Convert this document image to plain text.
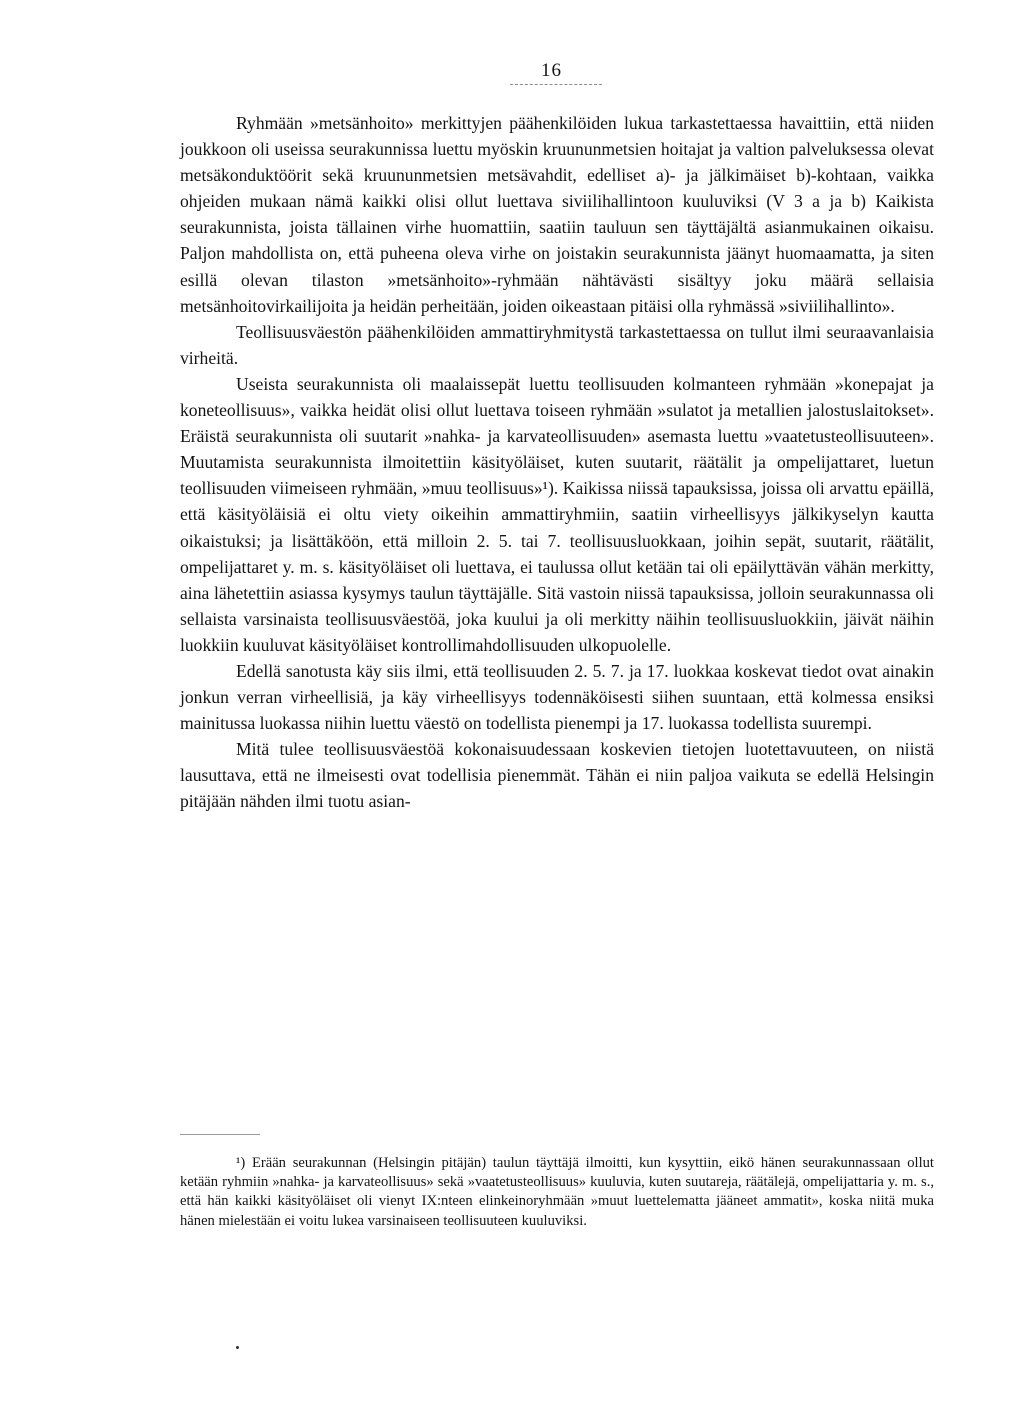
16

Ryhmään »metsänhoito» merkittyjen päähenkilöiden lukua tarkastettaessa havaittiin, että niiden joukkoon oli useissa seurakunnissa luettu myöskin kruununmetsien hoitajat ja valtion palveluksessa olevat metsäkonduktöörit sekä kruununmetsien metsävahdit, edelliset a)- ja jälkimäiset b)-kohtaan, vaikka ohjeiden mukaan nämä kaikki olisi ollut luettava siviilihallintoon kuuluviksi (V 3 a ja b) Kaikista seurakunnista, joista tällainen virhe huomattiin, saatiin tauluun sen täyttäjältä asianmukainen oikaisu. Paljon mahdollista on, että puheena oleva virhe on joistakin seurakunnista jäänyt huomaamatta, ja siten esillä olevan tilaston »metsänhoito»-ryhmään nähtävästi sisältyy joku määrä sellaisia metsänhoitovirkailijoita ja heidän perheitään, joiden oikeastaan pitäisi olla ryhmässä »siviilihallinto».

Teollisuusväestön päähenkilöiden ammattiryhmitystä tarkastettaessa on tullut ilmi seuraavanlaisia virheitä.

Useista seurakunnista oli maalaissepät luettu teollisuuden kolmanteen ryhmään »konepajat ja koneteollisuus», vaikka heidät olisi ollut luettava toiseen ryhmään »sulatot ja metallien jalostuslaitokset». Eräistä seurakunnista oli suutarit »nahka- ja karvateollisuuden» asemasta luettu »vaatetusteollisuuteen». Muutamista seurakunnista ilmoitettiin käsityöläiset, kuten suutarit, räätälit ja ompelijattaret, luetun teollisuuden viimeiseen ryhmään, »muu teollisuus»¹). Kaikissa niissä tapauksissa, joissa oli arvattu epäillä, että käsityöläisiä ei oltu viety oikeihin ammattiryhmiin, saatiin virheellisyys jälkikyselyn kautta oikaistuksi; ja lisättäköön, että milloin 2. 5. tai 7. teollisuusluokkaan, joihin sepät, suutarit, räätälit, ompelijattaret y. m. s. käsityöläiset oli luettava, ei taulussa ollut ketään tai oli epäilyttävän vähän merkitty, aina lähetettiin asiassa kysymys taulun täyttäjälle. Sitä vastoin niissä tapauksissa, jolloin seurakunnassa oli sellaista varsinaista teollisuusväestöä, joka kuului ja oli merkitty näihin teollisuusluokkiin, jäivät näihin luokkiin kuuluvat käsityöläiset kontrollimahdollisuuden ulkopuolelle.

Edellä sanotusta käy siis ilmi, että teollisuuden 2. 5. 7. ja 17. luokkaa koskevat tiedot ovat ainakin jonkun verran virheellisiä, ja käy virheellisyys todennäköisesti siihen suuntaan, että kolmessa ensiksi mainitussa luokassa niihin luettu väestö on todellista pienempi ja 17. luokassa todellista suurempi.

Mitä tulee teollisuusväestöä kokonaisuudessaan koskevien tietojen luotettavuuteen, on niistä lausuttava, että ne ilmeisesti ovat todellisia pienemmät. Tähän ei niin paljoa vaikuta se edellä Helsingin pitäjään nähden ilmi tuotu asian-

¹) Erään seurakunnan (Helsingin pitäjän) taulun täyttäjä ilmoitti, kun kysyttiin, eikö hänen seurakunnassaan ollut ketään ryhmiin »nahka- ja karvateollisuus» sekä »vaatetusteollisuus» kuuluvia, kuten suutareja, räätälejä, ompelijattaria y. m. s., että hän kaikki käsityöläiset oli vienyt IX:nteen elinkeinoryhmään »muut luettelematta jääneet ammatit», koska niitä muka hänen mielestään ei voitu lukea varsinaiseen teollisuuteen kuuluviksi.
